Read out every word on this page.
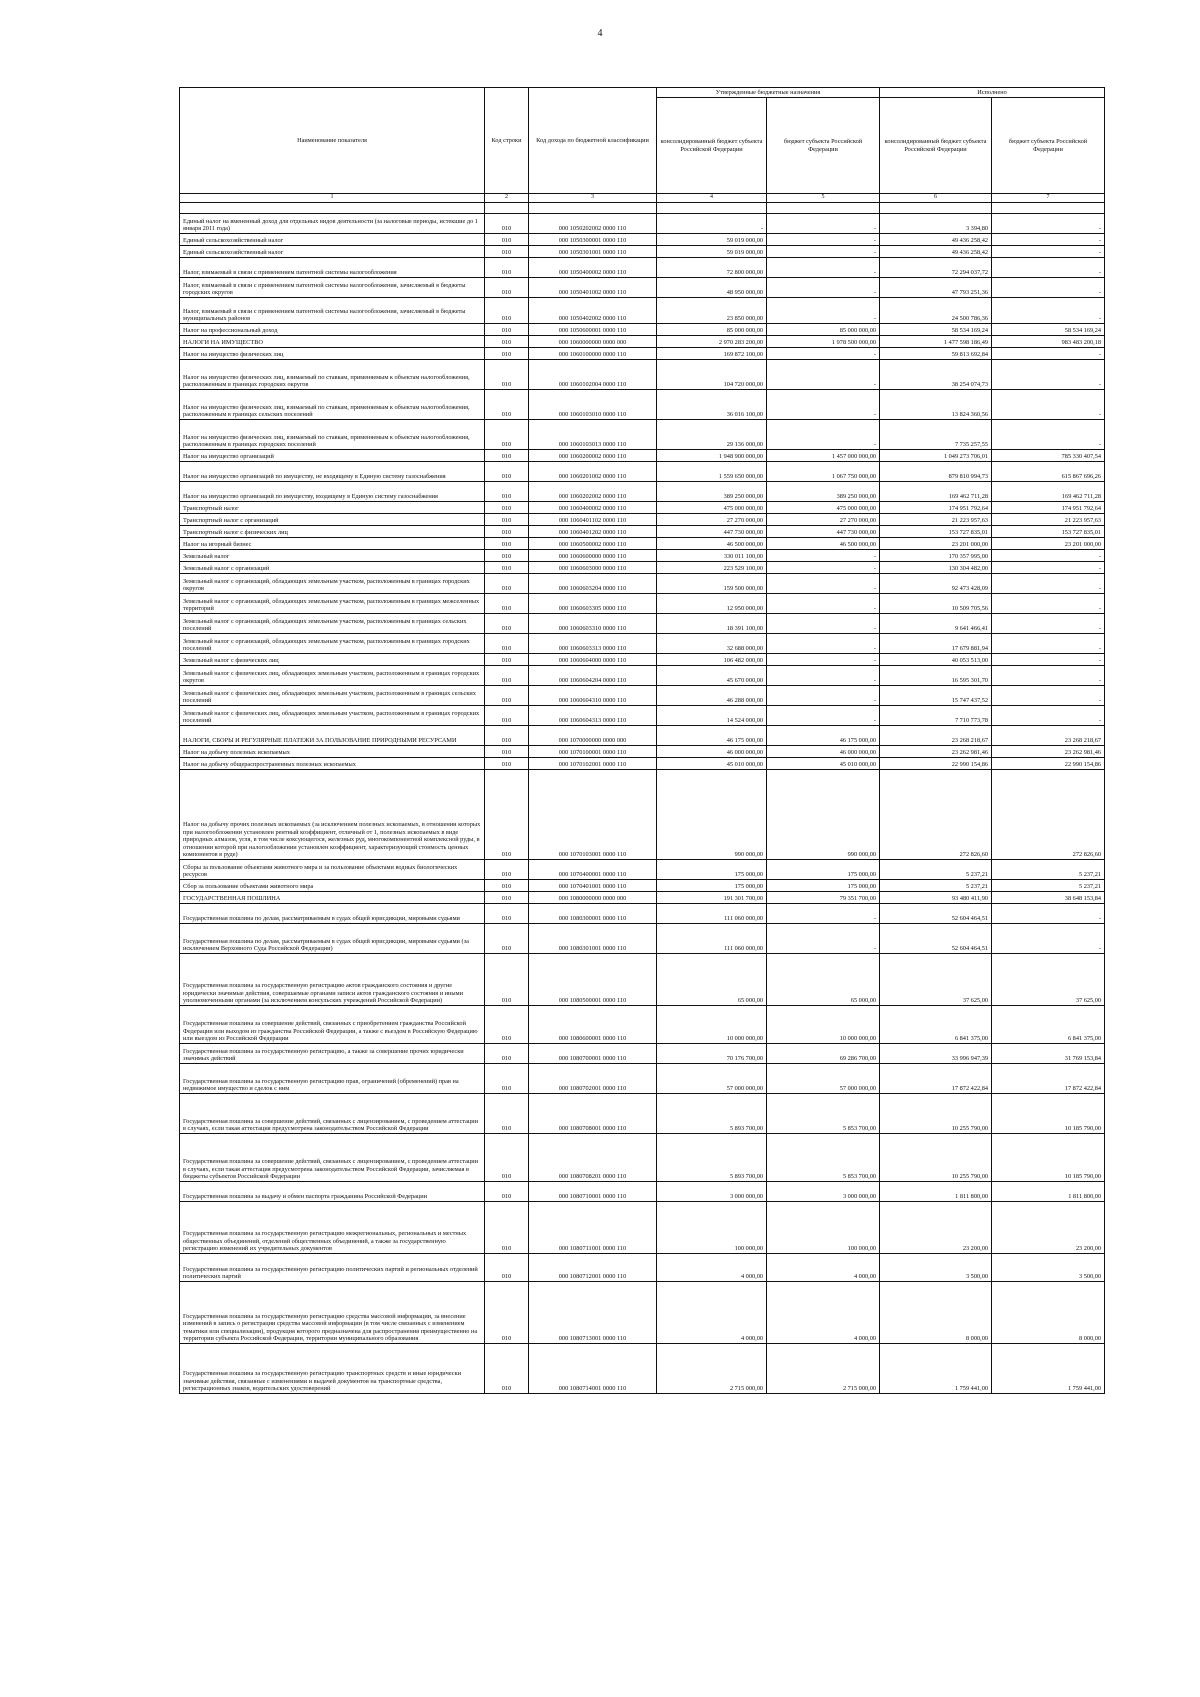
4
Наименование показателя	Код строки	Код дохода по бюджетной классификации	Утвержденные бюджетные назначения		Исполнено	
			консолидированный бюджет субъекта Российской Федерации	бюджет субъекта Российской Федерации	консолидированный бюджет субъекта Российской Федерации	бюджет субъекта Российской Федерации
1	2	3	4	5	6	7

Единый налог на вмененный доход для отдельных видов деятельности (за налоговые периоды, истекшие до 1 января 2011 года)	010	000 1050202002 0000 110	-	-	3 394,80	-
Единый сельскохозяйственный налог	010	000 1050300001 0000 110	59 019 000,00	-	49 436 258,42	-
Единый сельскохозяйственный налог	010	000 1050301001 0000 110	59 019 000,00	-	49 436 258,42	-
Налог, взимаемый в связи с применением патентной системы налогообложения	010	000 1050400002 0000 110	72 800 000,00	-	72 294 037,72	-
Налог, взимаемый в связи с применением патентной системы налогообложения, зачисляемый в бюджеты городских округов	010	000 1050401002 0000 110	48 950 000,00	-	47 793 251,36	-
Налог, взимаемый в связи с применением патентной системы налогообложения, зачисляемый в бюджеты муниципальных районов	010	000 1050402002 0000 110	23 850 000,00	-	24 500 786,36	-
Налог на профессиональный доход	010	000 1050600001 0000 110	85 000 000,00	85 000 000,00	58 534 169,24	58 534 169,24
НАЛОГИ НА ИМУЩЕСТВО	010	000 1060000000 0000 000	2 970 283 200,00	1 978 500 000,00	1 477 598 186,49	983 483 200,18
Налог на имущество физических лиц	010	000 1060100000 0000 110	169 872 100,00	-	59 813 692,84	-
Налог на имущество физических лиц, взимаемый по ставкам, применяемым к объектам налогообложения, расположенным в границах городских округов	010	000 1060102004 0000 110	104 720 000,00	-	38 254 074,73	-
Налог на имущество физических лиц, взимаемый по ставкам, применяемым к объектам налогообложения, расположенным в границах сельских поселений	010	000 1060103010 0000 110	36 016 100,00	-	13 824 360,56	-
Налог на имущество физических лиц, взимаемый по ставкам, применяемым к объектам налогообложения, расположенным в границах городских поселений	010	000 1060103013 0000 110	29 136 000,00	-	7 735 257,55	-
Налог на имущество организаций	010	000 1060200002 0000 110	1 948 900 000,00	1 457 000 000,00	1 049 273 706,01	785 330 407,54
Налог на имущество организаций по имуществу, не входящему в Единую систему газоснабжения	010	000 1060201002 0000 110	1 559 650 000,00	1 067 750 000,00	879 810 994,73	615 867 696,26
Налог на имущество организаций по имуществу, входящему в Единую систему газоснабжения	010	000 1060202002 0000 110	389 250 000,00	389 250 000,00	169 462 711,28	169 462 711,28
Транспортный налог	010	000 1060400002 0000 110	475 000 000,00	475 000 000,00	174 951 792,64	174 951 792,64
Транспортный налог с организаций	010	000 1060401102 0000 110	27 270 000,00	27 270 000,00	21 223 957,63	21 223 957,63
Транспортный налог с физических лиц	010	000 1060401202 0000 110	447 730 000,00	447 730 000,00	153 727 835,01	153 727 835,01
Налог на игорный бизнес	010	000 1060500002 0000 110	46 500 000,00	46 500 000,00	23 201 000,00	23 201 000,00
Земельный налог	010	000 1060600000 0000 110	330 011 100,00	-	170 357 995,00	-
Земельный налог с организаций	010	000 1060603000 0000 110	223 529 100,00	-	130 304 482,00	-
Земельный налог с организаций, обладающих земельным участком, расположенным в границах городских округов	010	000 1060603204 0000 110	159 500 000,00	-	92 473 428,09	-
Земельный налог с организаций, обладающих земельным участком, расположенным в границах межселенных территорий	010	000 1060603305 0000 110	12 950 000,00	-	10 509 705,56	-
Земельный налог с организаций, обладающих земельным участком, расположенным в границах сельских поселений	010	000 1060603310 0000 110	18 391 100,00	-	9 641 466,41	-
Земельный налог с организаций, обладающих земельным участком, расположенным в границах городских поселений	010	000 1060603313 0000 110	32 688 000,00	-	17 679 881,94	-
Земельный налог с физических лиц	010	000 1060604000 0000 110	106 482 000,00	-	40 053 513,00	-
Земельный налог с физических лиц, обладающих земельным участком, расположенным в границах городских округов	010	000 1060604204 0000 110	45 670 000,00	-	16 595 301,70	-
Земельный налог с физических лиц, обладающих земельным участком, расположенным в границах сельских поселений	010	000 1060604310 0000 110	46 288 000,00	-	15 747 437,52	-
Земельный налог с физических лиц, обладающих земельным участком, расположенным в границах городских поселений	010	000 1060604313 0000 110	14 524 000,00	-	7 710 773,78	-
НАЛОГИ, СБОРЫ И РЕГУЛЯРНЫЕ ПЛАТЕЖИ ЗА ПОЛЬЗОВАНИЕ ПРИРОДНЫМИ РЕСУРСАМИ	010	000 1070000000 0000 000	46 175 000,00	46 175 000,00	23 268 218,67	23 268 218,67
Налог на добычу полезных ископаемых	010	000 1070100001 0000 110	46 000 000,00	46 000 000,00	23 262 981,46	23 262 981,46
Налог на добычу общераспространенных полезных ископаемых	010	000 1070102001 0000 110	45 010 000,00	45 010 000,00	22 990 154,86	22 990 154,86
Налог на добычу прочих полезных ископаемых (за исключением полезных ископаемых, в отношении которых при налогообложении установлен рентный коэффициент, отличный от 1, полезных ископаемых в виде природных алмазов, угля, в том числе коксующегося, железных руд, многокомпонентной комплексной руды, в отношении которой при налогообложении установлен коэффициент, характеризующий стоимость ценных компонентов в руде)	010	000 1070103001 0000 110	990 000,00	990 000,00	272 826,60	272 826,60
Сборы за пользование объектами животного мира и за пользование объектами водных биологических ресурсов	010	000 1070400001 0000 110	175 000,00	175 000,00	5 237,21	5 237,21
Сбор за пользование объектами животного мира	010	000 1070401001 0000 110	175 000,00	175 000,00	5 237,21	5 237,21
ГОСУДАРСТВЕННАЯ ПОШЛИНА	010	000 1080000000 0000 000	191 301 700,00	79 351 700,00	93 480 411,90	38 648 153,84
Государственная пошлина по делам, рассматриваемым в судах общей юрисдикции, мировыми судьями	010	000 1080300001 0000 110	111 060 000,00	-	52 604 464,51	-
Государственная пошлина по делам, рассматриваемым в судах общей юрисдикции, мировыми судьями (за исключением Верховного Суда Российской Федерации)	010	000 1080301001 0000 110	111 060 000,00	-	52 604 464,51	-
Государственная пошлина за государственную регистрацию актов гражданского состояния и другие юридически значимые действия, совершаемые органами записи актов гражданского состояния и иными уполномоченными органами (за исключением консульских учреждений Российской Федерации)	010	000 1080500001 0000 110	65 000,00	65 000,00	37 625,00	37 625,00
Государственная пошлина за совершение действий, связанных с приобретением гражданства Российской Федерации или выходом из гражданства Российской Федерации, а также с въездом в Российскую Федерацию или выездом из Российской Федерации	010	000 1080600001 0000 110	10 000 000,00	10 000 000,00	6 841 375,00	6 841 375,00
Государственная пошлина за государственную регистрацию, а также за совершение прочих юридически значимых действий	010	000 1080700001 0000 110	70 176 700,00	69 286 700,00	33 996 947,39	31 769 153,84
Государственная пошлина за государственную регистрацию прав, ограничений (обременений) прав на недвижимое имущество и сделок с ним	010	000 1080702001 0000 110	57 000 000,00	57 000 000,00	17 872 422,84	17 872 422,84
Государственная пошлина за совершение действий, связанных с лицензированием, с проведением аттестации в случаях, если такая аттестация предусмотрена законодательством Российской Федерации	010	000 1080708001 0000 110	5 893 700,00	5 853 700,00	10 255 790,00	10 185 790,00
Государственная пошлина за совершение действий, связанных с лицензированием, с проведением аттестации в случаях, если такая аттестация предусмотрена законодательством Российской Федерации, зачисляемая в бюджеты субъектов Российской Федерации	010	000 1080708201 0000 110	5 893 700,00	5 853 700,00	10 255 790,00	10 185 790,00
Государственная пошлина за выдачу и обмен паспорта гражданина Российской Федерации	010	000 1080710001 0000 110	3 000 000,00	3 000 000,00	1 811 800,00	1 811 800,00
Государственная пошлина за государственную регистрацию межрегиональных, региональных и местных общественных объединений, отделений общественных объединений, а также за государственную регистрацию изменений их учредительных документов	010	000 1080711001 0000 110	100 000,00	100 000,00	23 200,00	23 200,00
Государственная пошлина за государственную регистрацию политических партий и региональных отделений политических партий	010	000 1080712001 0000 110	4 000,00	4 000,00	3 500,00	3 500,00
Государственная пошлина за государственную регистрацию средства массовой информации, за внесение изменений в запись о регистрации средства массовой информации (в том числе связанных с изменением тематики или специализации), продукция которого предназначена для распространения преимущественно на территории субъекта Российской Федерации, территории муниципального образования	010	000 1080713001 0000 110	4 000,00	4 000,00	8 000,00	8 000,00
Государственная пошлина за государственную регистрацию транспортных средств и иные юридически значимые действия, связанные с изменениями и выдачей документов на транспортные средства, регистрационных знаков, водительских удостоверений	010	000 1080714001 0000 110	2 715 000,00	2 715 000,00	1 759 441,00	1 759 441,00
